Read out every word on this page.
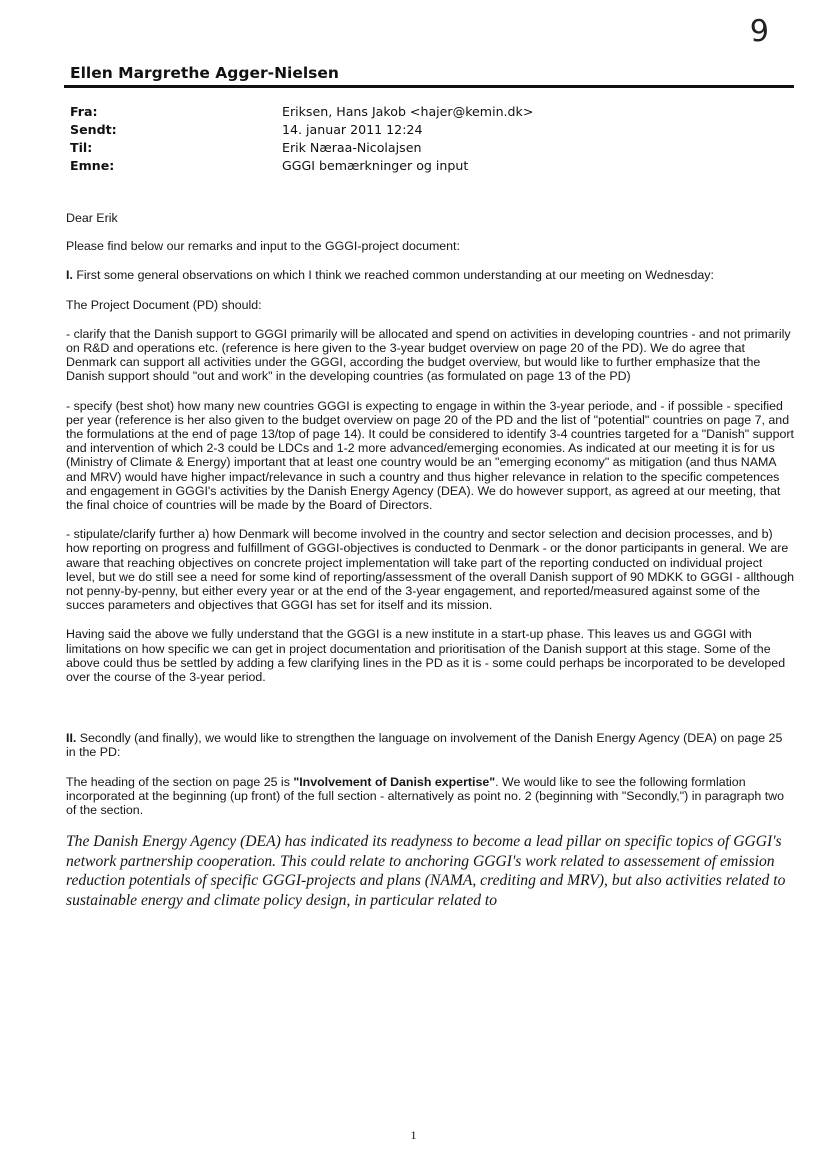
9
Ellen Margrethe Agger-Nielsen
Fra:	Eriksen, Hans Jakob <hajer@kemin.dk>
Sendt:	14. januar 2011 12:24
Til:	Erik Næraa-Nicolajsen
Emne:	GGGI bemærkninger og input

Dear Erik

Please find below our remarks and input to the GGGI-project document:

I. First some general observations on which I think we reached common understanding at our meeting on Wednesday:

The Project Document (PD) should:

- clarify that the Danish support to GGGI primarily will be allocated and spend on activities in developing countries - and not primarily on R&D and operations etc. (reference is here given to the 3-year budget overview on page 20 of the PD). We do agree that Denmark can support all activities under the GGGI, according the budget overview, but would like to further emphasize that the Danish support should "out and work" in the developing countries (as formulated on page 13 of the PD)

- specify (best shot) how many new countries GGGI is expecting to engage in within the 3-year periode, and - if possible - specified per year (reference is her also given to the budget overview on page 20 of the PD and the list of "potential" countries on page 7, and the formulations at the end of page 13/top of page 14). It could be considered to identify 3-4 countries targeted for a "Danish" support and intervention of which 2-3 could be LDCs and 1-2 more advanced/emerging economies. As indicated at our meeting it is for us (Ministry of Climate & Energy) important that at least one country would be an "emerging economy" as mitigation (and thus NAMA and MRV) would have higher impact/relevance in such a country and thus higher relevance in relation to the specific competences and engagement in GGGI's activities by the Danish Energy Agency (DEA). We do however support, as agreed at our meeting, that the final choice of countries will be made by the Board of Directors.

- stipulate/clarify further a) how Denmark will become involved in the country and sector selection and decision processes, and b) how reporting on progress and fulfillment of GGGI-objectives is conducted to Denmark - or the donor participants in general. We are aware that reaching objectives on concrete project implementation will take part of the reporting conducted on individual project level, but we do still see a need for some kind of reporting/assessment of the overall Danish support of 90 MDKK to GGGI - allthough not penny-by-penny, but either every year or at the end of the 3-year engagement, and reported/measured against some of the succes parameters and objectives that GGGI has set for itself and its mission.

Having said the above we fully understand that the GGGI is a new institute in a start-up phase. This leaves us and GGGI with limitations on how specific we can get in project documentation and prioritisation of the Danish support at this stage. Some of the above could thus be settled by adding a few clarifying lines in the PD as it is - some could perhaps be incorporated to be developed over the course of the 3-year period.

II. Secondly (and finally), we would like to strengthen the language on involvement of the Danish Energy Agency (DEA) on page 25 in the PD:

The heading of the section on page 25 is "Involvement of Danish expertise". We would like to see the following formlation incorporated at the beginning (up front) of the full section - alternatively as point no. 2 (beginning with "Secondly,") in paragraph two of the section.

The Danish Energy Agency (DEA) has indicated its readyness to become a lead pillar on specific topics of GGGI's network partnership cooperation. This could relate to anchoring GGGI's work related to assessement of emission reduction potentials of specific GGGI-projects and plans (NAMA, crediting and MRV), but also activities related to sustainable energy and climate policy design, in particular related to
1
